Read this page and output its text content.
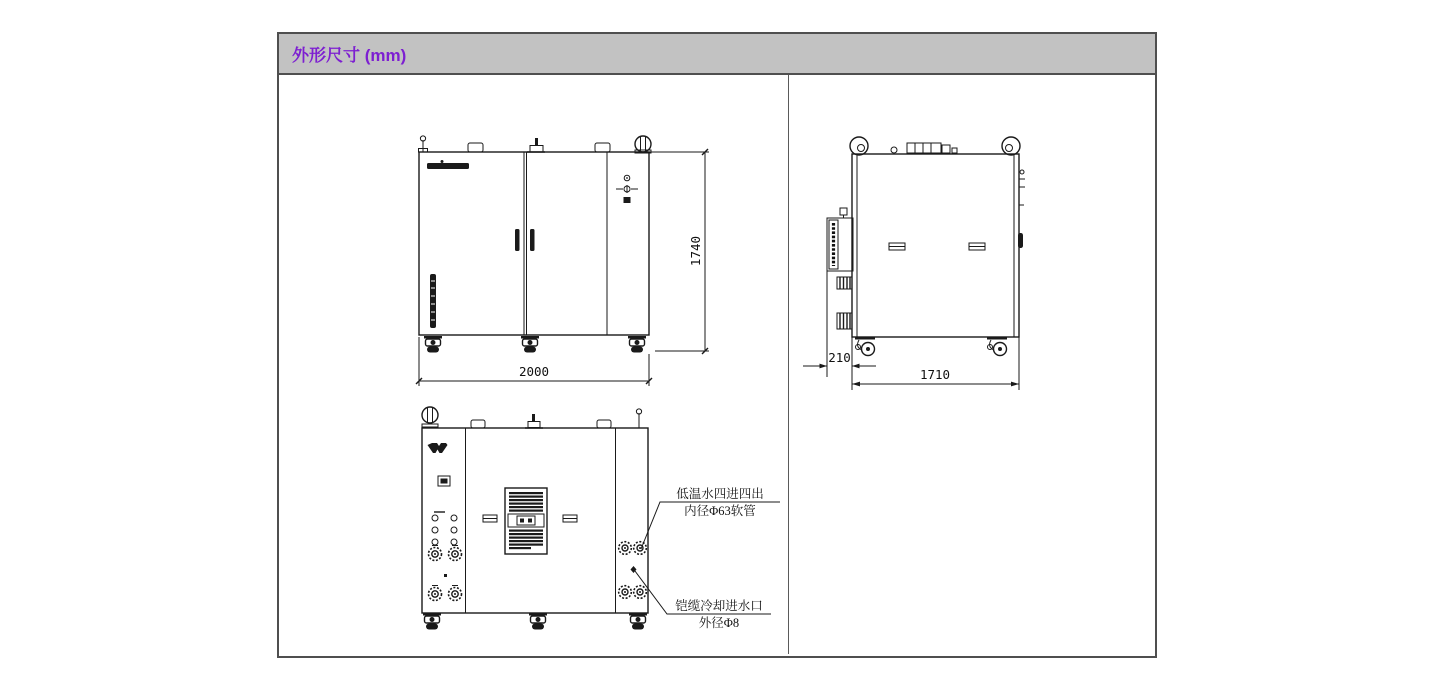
外形尺寸 (mm)
1740
2000
低温水四进四出
内径Φ63软管
铠缆冷却进水口
外径Φ8
210
1710
